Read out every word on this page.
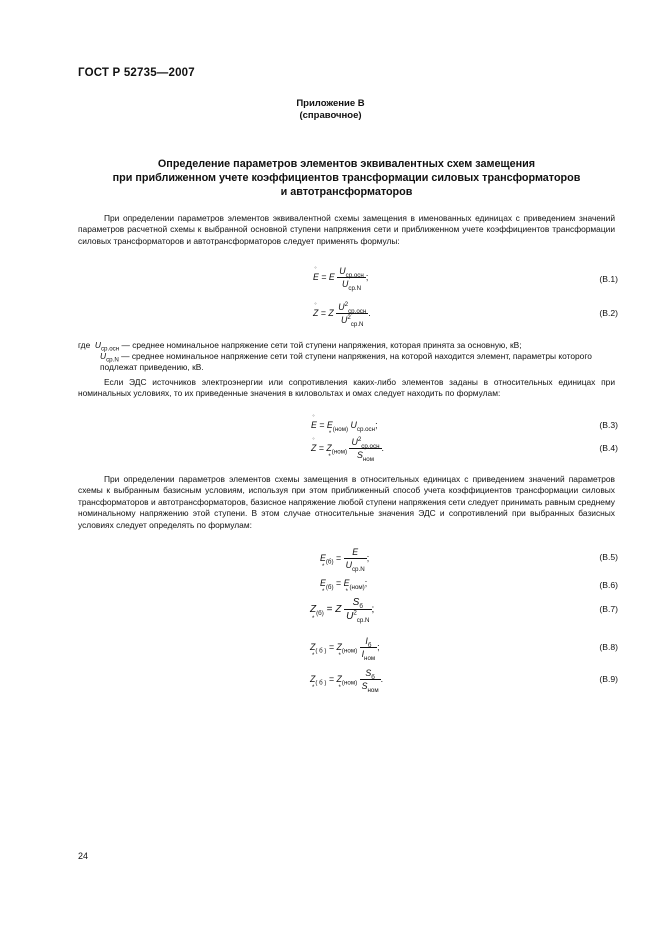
ГОСТ Р 52735—2007
Приложение В
(справочное)
Определение параметров элементов эквивалентных схем замещения
при приближенном учете коэффициентов трансформации силовых трансформаторов
и автотрансформаторов
При определении параметров элементов эквивалентной схемы замещения в именованных единицах с приведением значений параметров расчетной схемы к выбранной основной ступени напряжения сети и приближенном учете коэффициентов трансформации силовых трансформаторов и автотрансформаторов следует применять формулы:
∘ E = E $\frac{U_{ср.осн}}{U_{ср.N}}$ ;	(В.1)
∘ Z = Z $\frac{U^2_{ср.осн}}{U^2_{ср.N}}$ .	(В.2)
где $U_{ср.осн}$ — среднее номинальное напряжение сети той ступени напряжения, которая принята за основную, кВ;
$U_{ср.N}$ — среднее номинальное напряжение сети той ступени напряжения, на которой находится элемент, параметры которого подлежат приведению, кВ.
Если ЭДС источников электроэнергии или сопротивления каких-либо элементов заданы в относительных единицах при номинальных условиях, то их приведенные значения в киловольтах и омах следует находить по формулам:
∘ E = E $*_{(ном)}$ $U_{ср.осн}$;	(В.3)
∘ Z = Z $*_{(ном)} \frac{U^2_{ср.осн}}{S_{ном}}$ .	(В.4)
При определении параметров элементов схемы замещения в относительных единицах с приведением значений параметров схемы к выбранным базисным условиям, используя при этом приближенный способ учета коэффициентов трансформации силовых трансформаторов и автотрансформаторов, базисное напряжение любой ступени напряжения сети следует принимать равным среднему номинальному напряжению этой ступени. В этом случае относительные значения ЭДС и сопротивлений при выбранных базисных условиях следует определять по формулам:
E $*_{(б)} = \frac{E}{U_{ср.N}}$ ;	(В.5)
E $*_{(б)} = E$ $*_{(ном)}$;	(В.6)
Z $*_{(б)} = Z \frac{S_б}{U^2_{ср.N}}$ ;	(В.7)
Z $*_{( б )} = Z$ $*_{(ном)} \frac{I_б}{I_{ном}}$ ;	(В.8)
Z $*_{( б )} = Z$ $*_{(ном)} \frac{S_б}{S_{ном}}$ .	(В.9)
24
